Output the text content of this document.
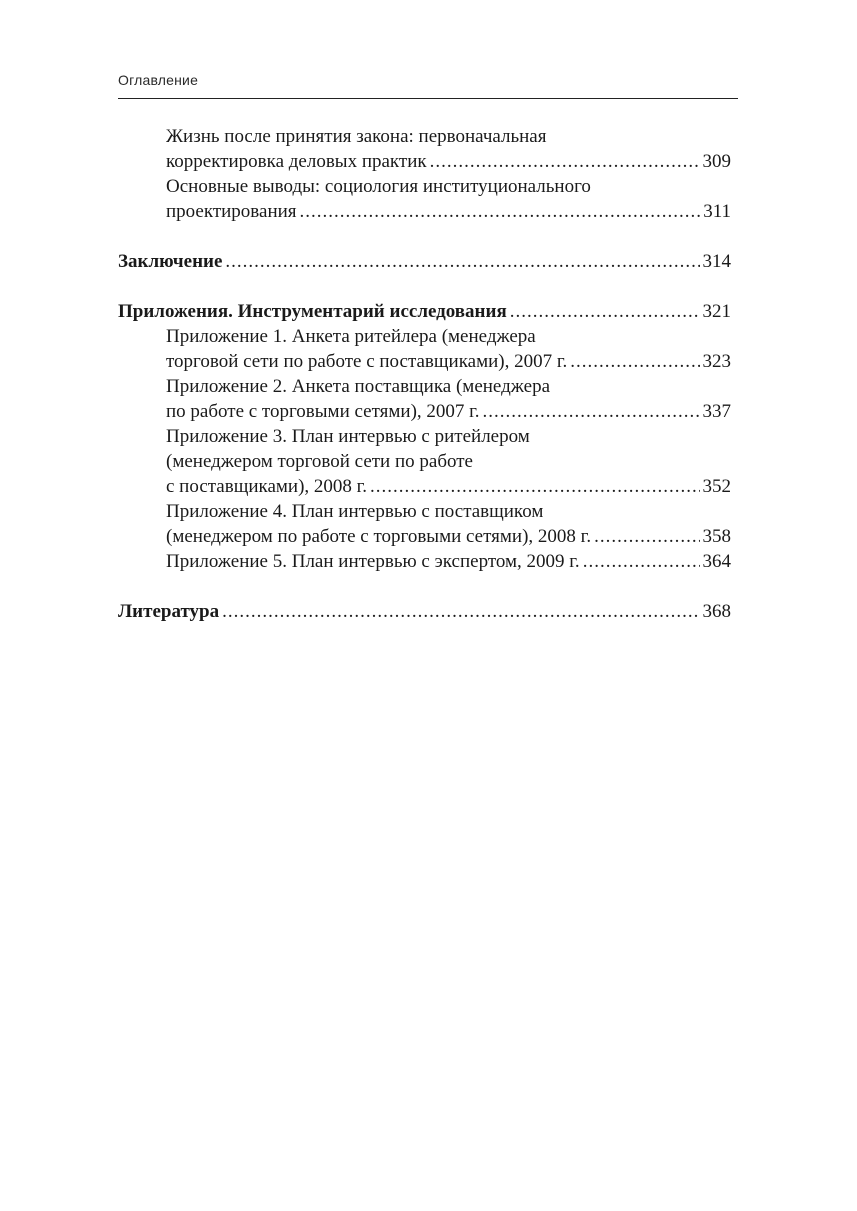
Оглавление
Жизнь после принятия закона: первоначальная
корректировка деловых практик .....	309
Основные выводы: социология институционального
проектирования .....	311
Заключение .....	314
Приложения. Инструментарий исследования .....	321
Приложение 1. Анкета ритейлера (менеджера
торговой сети по работе с поставщиками), 2007 г. .....	323
Приложение 2. Анкета поставщика (менеджера
по работе с торговыми сетями), 2007 г. .....	337
Приложение 3. План интервью с ритейлером
(менеджером торговой сети по работе
с поставщиками), 2008 г. .....	352
Приложение 4. План интервью с поставщиком
(менеджером по работе с торговыми сетями), 2008 г. .....	358
Приложение 5. План интервью с экспертом, 2009 г. .....	364
Литература .....	368
